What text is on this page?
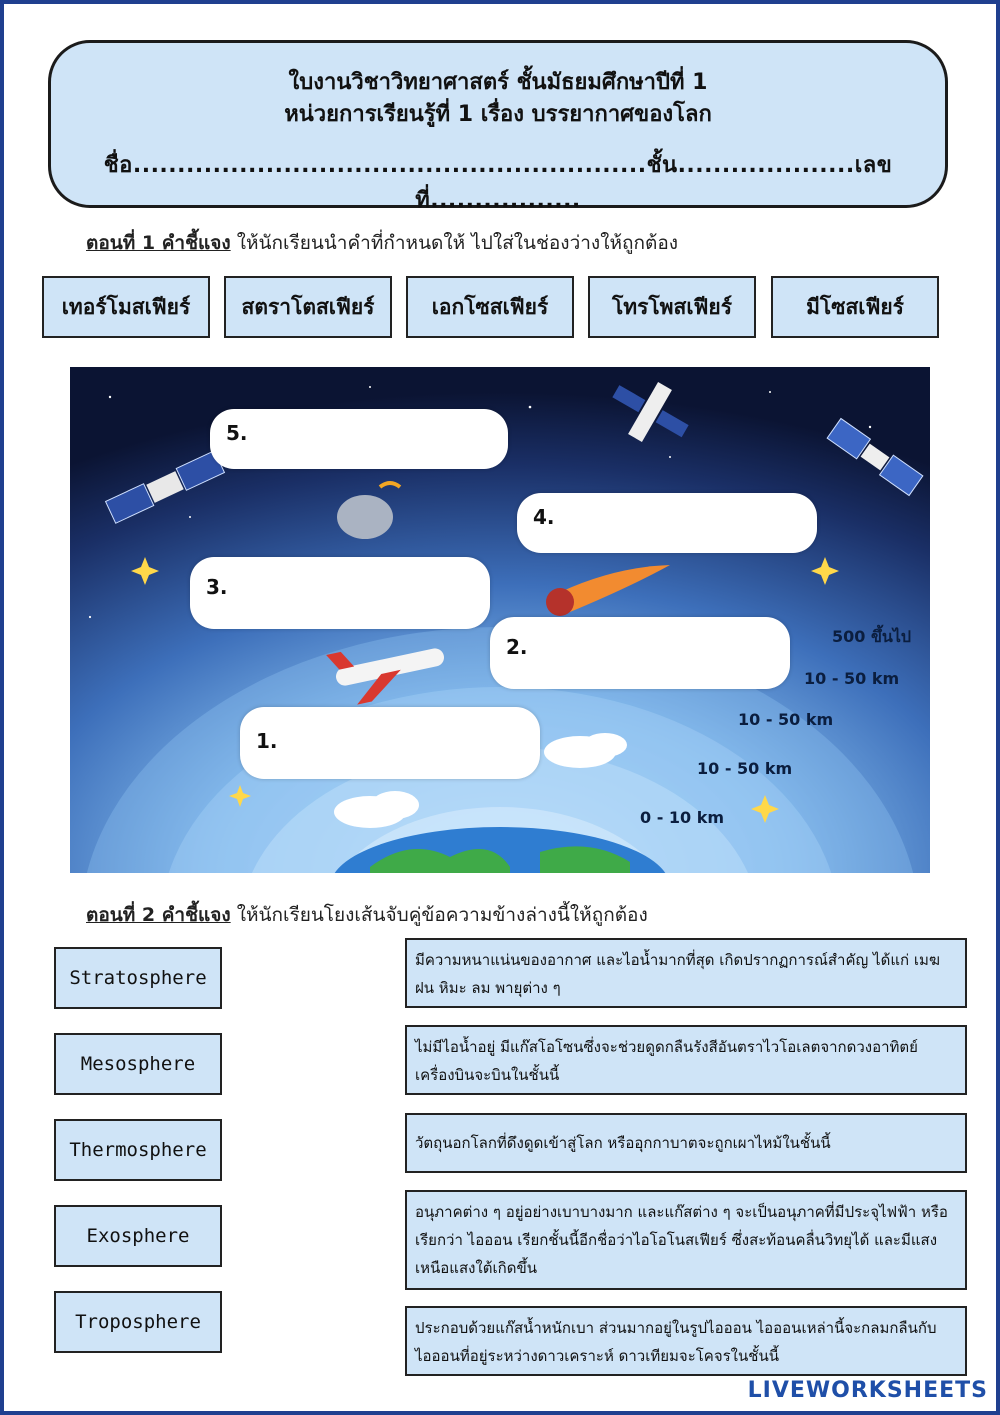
ใบงานวิชาวิทยาศาสตร์ ชั้นมัธยมศึกษาปีที่ 1
หน่วยการเรียนรู้ที่ 1 เรื่อง บรรยากาศของโลก
ชื่อ..........................................................ชั้น....................เลขที่.................
ตอนที่ 1 คำชี้แจง ให้นักเรียนนำคำที่กำหนดให้ ไปใส่ในช่องว่างให้ถูกต้อง
เทอร์โมสเฟียร์	สตราโตสเฟียร์	เอกโซสเฟียร์	โทรโพสเฟียร์	มีโซสเฟียร์
5.
4.
3.
2.
1.
500 ขึ้นไป
10 - 50 km
10 - 50 km
10 - 50 km
0 - 10 km
ตอนที่ 2 คำชี้แจง ให้นักเรียนโยงเส้นจับคู่ข้อความข้างล่างนี้ให้ถูกต้อง
Stratosphere
Mesosphere
Thermosphere
Exosphere
Troposphere
มีความหนาแน่นของอากาศ และไอน้ำมากที่สุด เกิดปรากฏการณ์สำคัญ ได้แก่ เมฆ ฝน หิมะ ลม พายุต่าง ๆ
ไม่มีไอน้ำอยู่ มีแก๊สโอโซนซึ่งจะช่วยดูดกลืนรังสีอันตราไวโอเลตจากดวงอาทิตย์ เครื่องบินจะบินในชั้นนี้
วัตถุนอกโลกที่ดึงดูดเข้าสู่โลก หรืออุกกาบาตจะถูกเผาไหม้ในชั้นนี้
อนุภาคต่าง ๆ อยู่อย่างเบาบางมาก และแก๊สต่าง ๆ จะเป็นอนุภาคที่มีประจุไฟฟ้า หรือเรียกว่า ไอออน เรียกชั้นนี้อีกชื่อว่าไอโอโนสเฟียร์ ซึ่งสะท้อนคลื่นวิทยุได้ และมีแสงเหนือแสงใต้เกิดขึ้น
ประกอบด้วยแก๊สน้ำหนักเบา ส่วนมากอยู่ในรูปไอออน ไอออนเหล่านี้จะกลมกลืนกับไอออนที่อยู่ระหว่างดาวเคราะห์ ดาวเทียมจะโคจรในชั้นนี้
LIVEWORKSHEETS
